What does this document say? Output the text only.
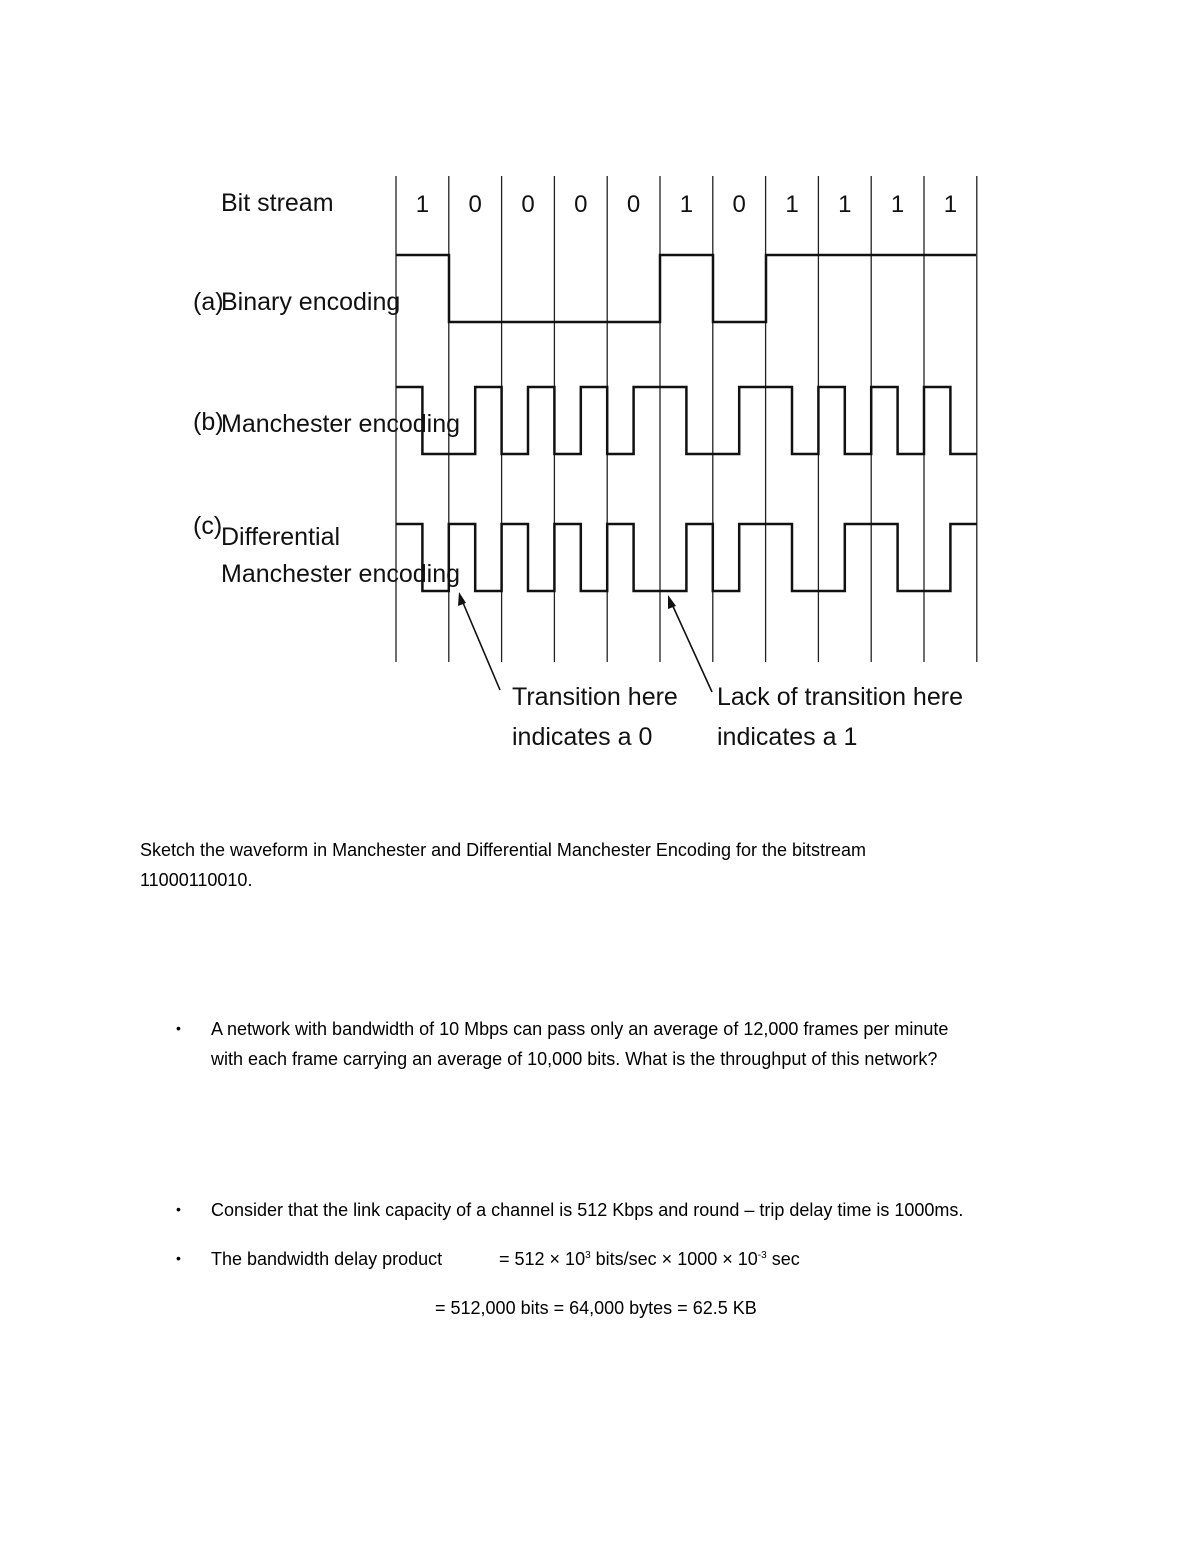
1 0 0 0 0 1 0 1 1 1 1
Bit stream
(a)
Binary encoding
(b)
Manchester encoding
(c)
Differential
Manchester encoding
Transition here
indicates a 0
Lack of transition here
indicates a 1
Sketch the waveform in Manchester and Differential Manchester Encoding for the bitstream
11000110010.
• A network with bandwidth of 10 Mbps can pass only an average of 12,000 frames per minute
with each frame carrying an average of 10,000 bits. What is the throughput of this network?
• Consider that the link capacity of a channel is 512 Kbps and round – trip delay time is 1000ms.
• The bandwidth delay product	= $512 \times 10^3$ bits/sec × $1000 \times 10^{-3}$ sec
= 512,000 bits = 64,000 bytes = 62.5 KB
